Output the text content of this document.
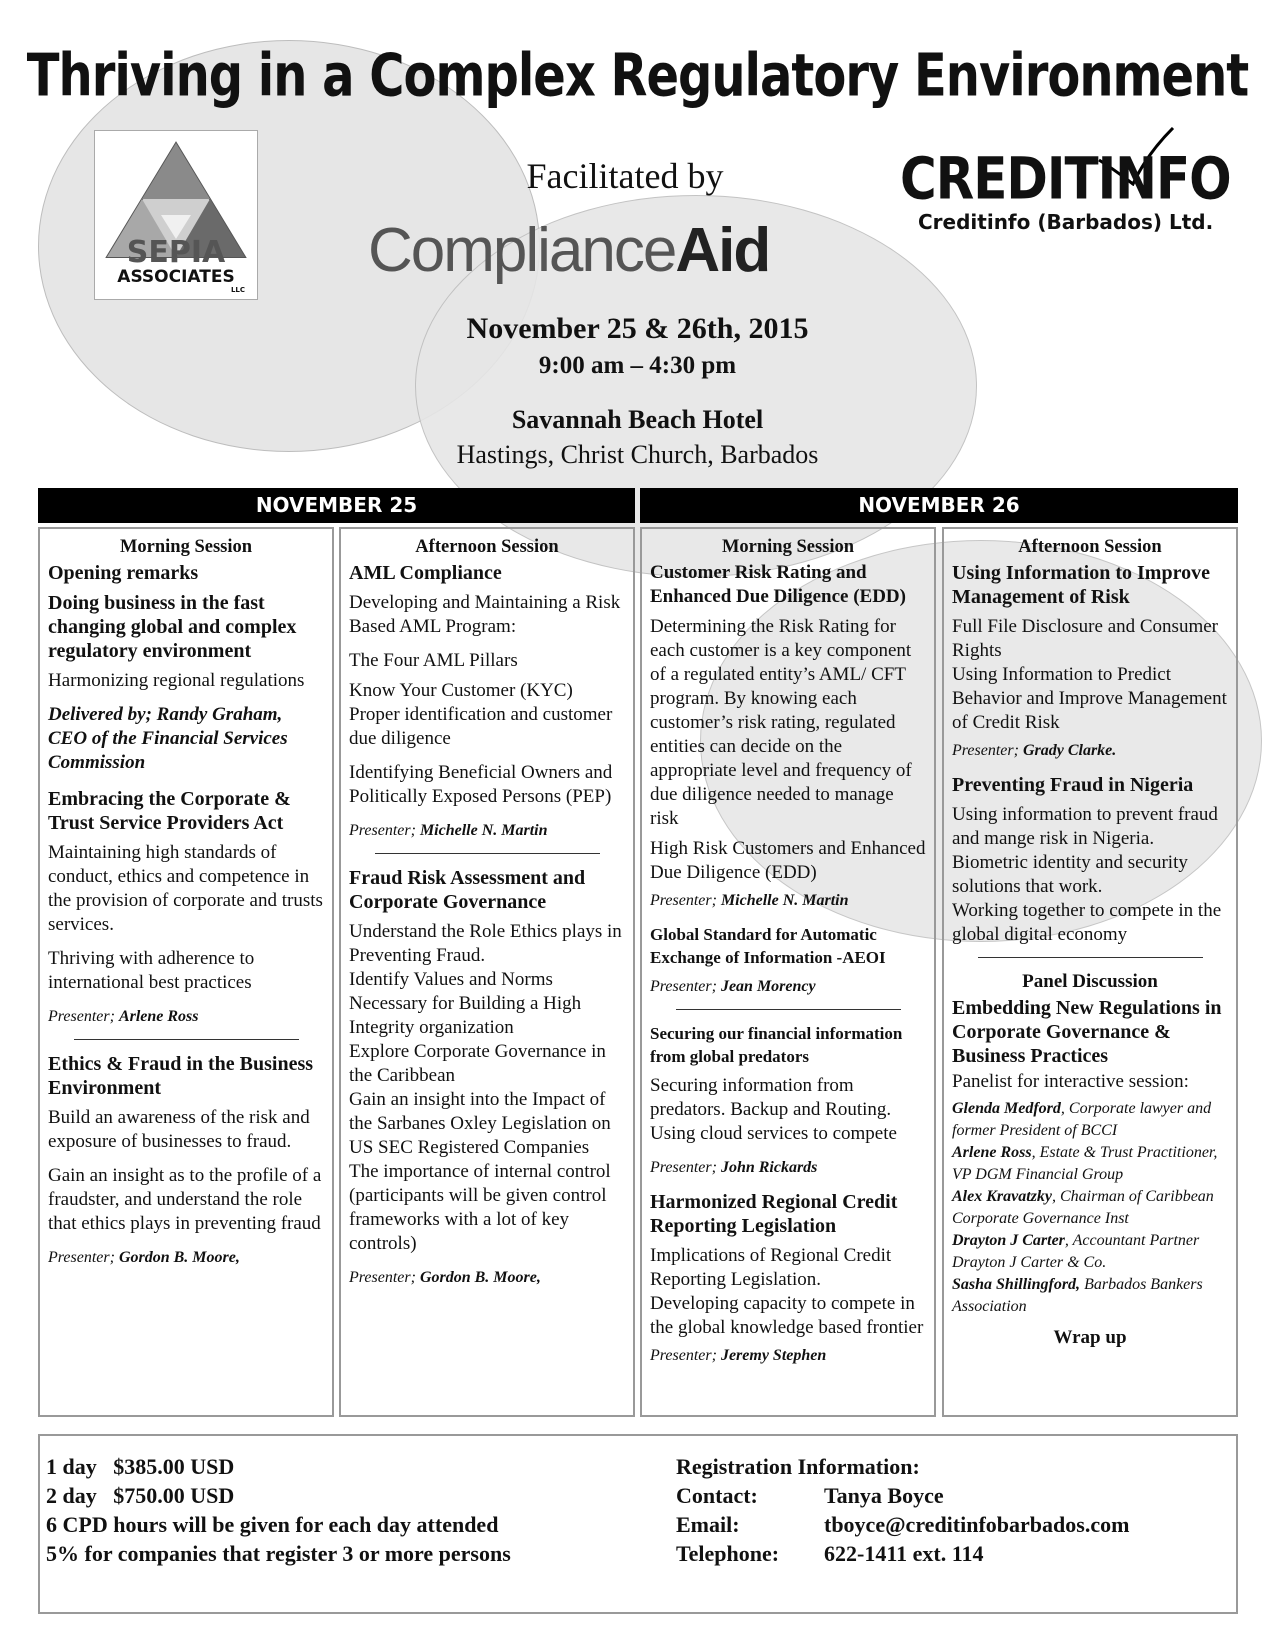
Thriving in a Complex Regulatory Environment
SEPIA
ASSOCIATES
LLC
Facilitated by
ComplianceAid
CREDITINFO
Creditinfo (Barbados) Ltd.
November 25 & 26th, 2015
9:00 am – 4:30 pm
Savannah Beach Hotel
Hastings, Christ Church, Barbados
NOVEMBER 25	NOVEMBER 26
Morning Session
Opening remarks
Doing business in the fast changing global and complex regulatory environment

Harmonizing regional regulations

Delivered by; Randy Graham, CEO of the Financial Services Commission

Embracing the Corporate & Trust Service Providers Act

Maintaining high standards of conduct, ethics and competence in the provision of corporate and trusts services.

Thriving with adherence to international best practices

Presenter; Arlene Ross
Ethics & Fraud in the Business Environment

Build an awareness of the risk and exposure of businesses to fraud.

Gain an insight as to the profile of a fraudster, and understand the role that ethics plays in preventing fraud

Presenter; Gordon B. Moore,
Afternoon Session
AML Compliance

Developing and Maintaining a Risk Based AML Program:

The Four AML Pillars

Know Your Customer (KYC) Proper identification and customer due diligence

Identifying Beneficial Owners and Politically Exposed Persons (PEP)

Presenter; Michelle N. Martin
Fraud Risk Assessment and Corporate Governance

Understand the Role Ethics plays in Preventing Fraud.

Identify Values and Norms Necessary for Building a High Integrity organization

Explore Corporate Governance in the Caribbean

Gain an insight into the Impact of the Sarbanes Oxley Legislation on US SEC Registered Companies

The importance of internal control (participants will be given control frameworks with a lot of key controls)

Presenter; Gordon B. Moore,
Morning Session
Customer Risk Rating and Enhanced Due Diligence (EDD)

Determining the Risk Rating for each customer is a key component of a regulated entity’s AML/ CFT program. By knowing each customer’s risk rating, regulated entities can decide on the appropriate level and frequency of due diligence needed to manage risk

High Risk Customers and Enhanced Due Diligence (EDD)

Presenter; Michelle N. Martin
Global Standard for Automatic Exchange of Information -AEOI
Presenter; Jean Morency
Securing our financial information from global predators

Securing information from predators. Backup and Routing. Using cloud services to compete

Presenter; John Rickards
Harmonized Regional Credit Reporting Legislation

Implications of Regional Credit Reporting Legislation.

Developing capacity to compete in the global knowledge based frontier

Presenter; Jeremy Stephen
Afternoon Session
Using Information to Improve Management of Risk

Full File Disclosure and Consumer Rights

Using Information to Predict Behavior and Improve Management of Credit Risk

Presenter; Grady Clarke.
Preventing Fraud in Nigeria

Using information to prevent fraud and mange risk in Nigeria.

Biometric identity and security solutions that work.

Working together to compete in the global digital economy

Panel Discussion
Embedding New Regulations in Corporate Governance & Business Practices

Panelist for interactive session:

Glenda Medford, Corporate lawyer and former President of BCCI

Arlene Ross, Estate & Trust Practitioner, VP DGM Financial Group

Alex Kravatzky, Chairman of Caribbean Corporate Governance Inst

Drayton J Carter, Accountant Partner Drayton J Carter & Co.

Sasha Shillingford, Barbados Bankers Association

Wrap up
1 day   $385.00 USD
2 day   $750.00 USD
6 CPD hours will be given for each day attended
5% for companies that register 3 or more persons
Registration Information:
Contact:	Tanya Boyce
Email:	tboyce@creditinfobarbados.com
Telephone: 622-1411 ext. 114
